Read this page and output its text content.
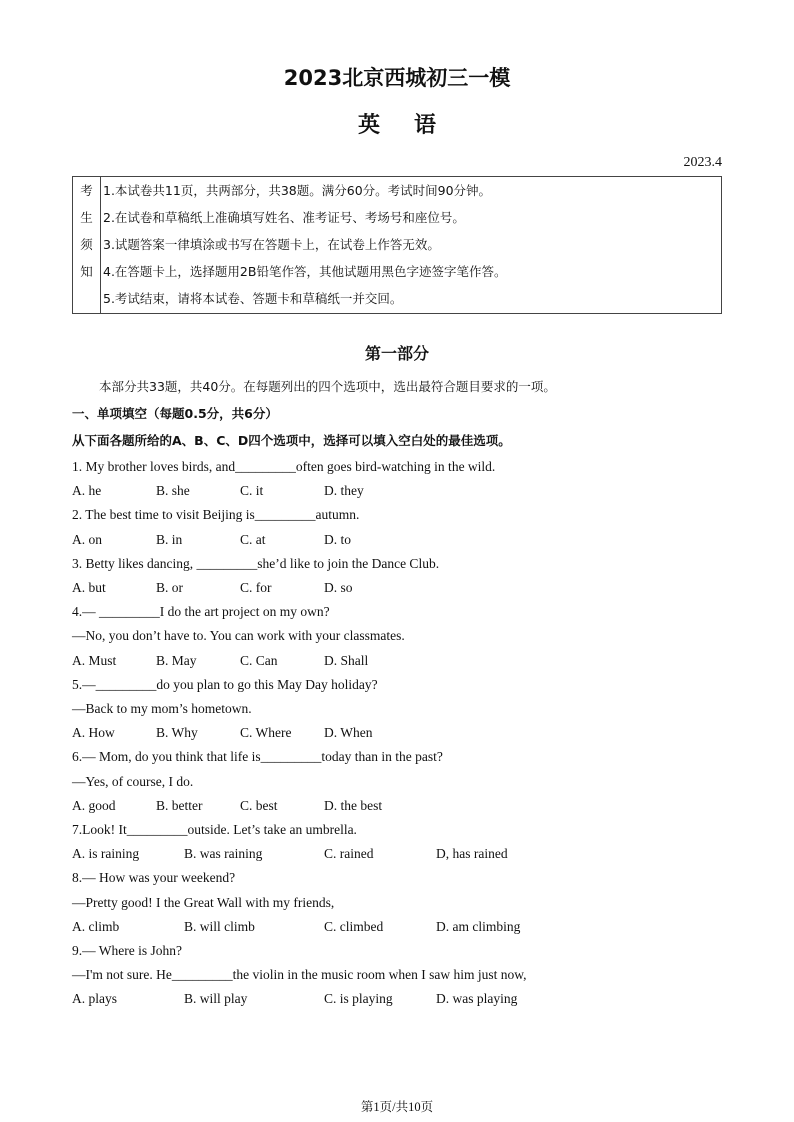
2023北京西城初三一模
英语
2023.4
考
生
须
知
1.本试卷共11页，共两部分，共38题。满分60分。考试时间90分钟。
2.在试卷和草稿纸上准确填写姓名、准考证号、考场号和座位号。
3.试题答案一律填涂或书写在答题卡上，在试卷上作答无效。
4.在答题卡上，选择题用2B铅笔作答，其他试题用黑色字迹签字笔作答。
5.考试结束，请将本试卷、答题卡和草稿纸一并交回。
第一部分
本部分共33题，共40分。在每题列出的四个选项中，选出最符合题目要求的一项。
一、单项填空（每题0.5分，共6分）
从下面各题所给的A、B、C、D四个选项中，选择可以填入空白处的最佳选项。
1. My brother loves birds, and_________often goes bird-watching in the wild.
A. he	B. she	C. it	D. they
2. The best time to visit Beijing is_________autumn.
A. on	B. in	C. at	D. to
3. Betty likes dancing, _________she’d like to join the Dance Club.
A. but	B. or	C. for	D. so
4.— _________I do the art project on my own?
—No, you don’t have to. You can work with your classmates.
A. Must	B. May	C. Can	D. Shall
5.—_________do you plan to go this May Day holiday?
—Back to my mom’s hometown.
A. How	B. Why	C. Where D. When
6.— Mom, do you think that life is_________today than in the past?
—Yes, of course, I do.
A. good	B. better	C. best	D. the best
7.Look! It_________outside. Let’s take an umbrella.
A. is raining	B. was raining	C. rained	D, has rained
8.— How was your weekend?
—Pretty good! I the Great Wall with my friends,
A. climb	B. will climb	C. climbed	D. am climbing
9.— Where is John?
—I'm not sure. He_________the violin in the music room when I saw him just now,
A. plays	B. will play	C. is playing	D. was playing
第1页/共10页
